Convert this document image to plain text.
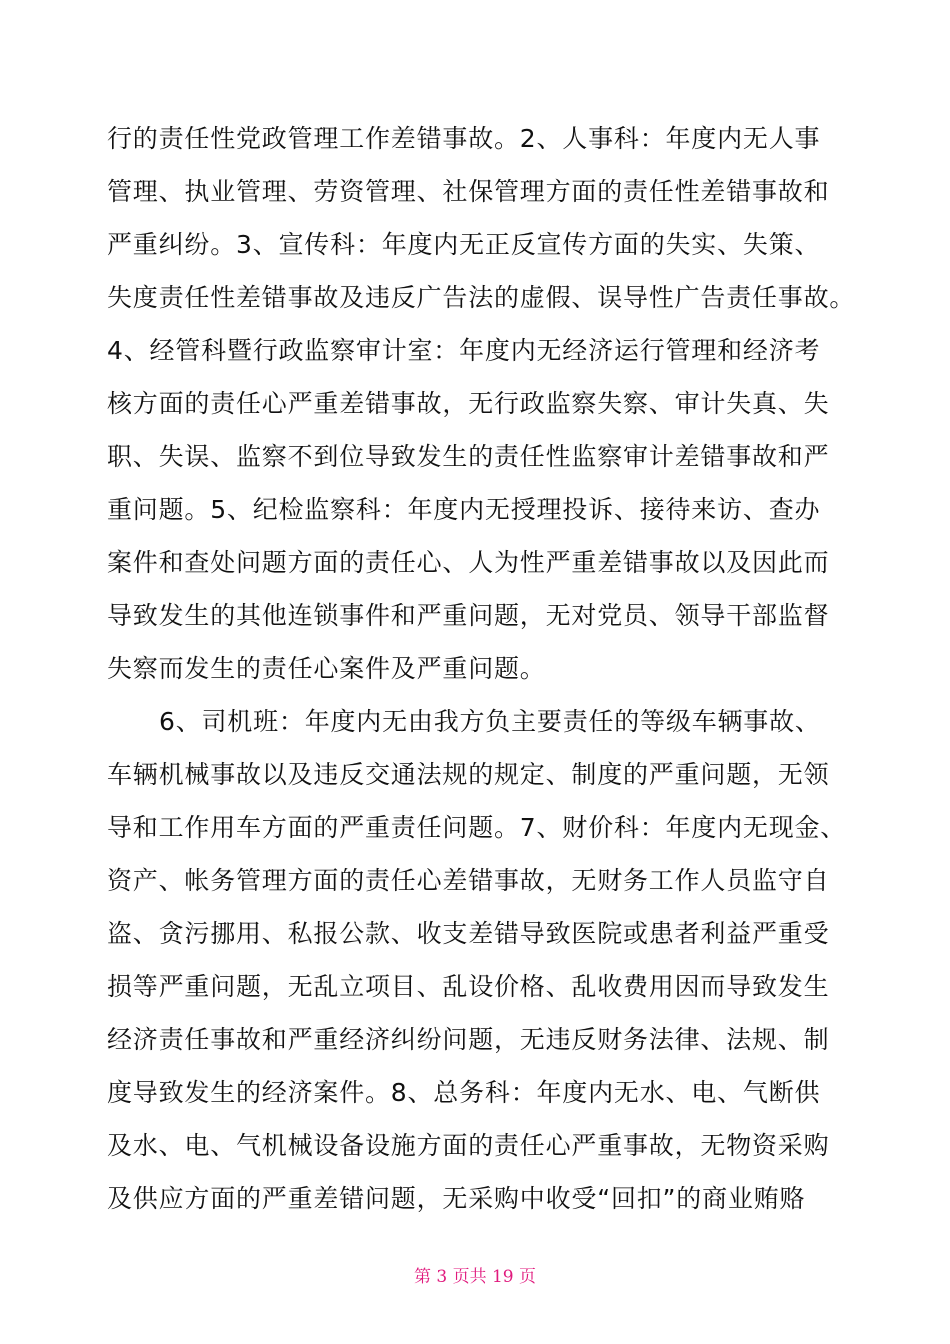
行的责任性党政管理工作差错事故。2、人事科：年度内无人事
管理、执业管理、劳资管理、社保管理方面的责任性差错事故和
严重纠纷。3、宣传科：年度内无正反宣传方面的失实、失策、
失度责任性差错事故及违反广告法的虚假、误导性广告责任事故。
4、经管科暨行政监察审计室：年度内无经济运行管理和经济考
核方面的责任心严重差错事故，无行政监察失察、审计失真、失
职、失误、监察不到位导致发生的责任性监察审计差错事故和严
重问题。5、纪检监察科：年度内无授理投诉、接待来访、查办
案件和查处问题方面的责任心、人为性严重差错事故以及因此而
导致发生的其他连锁事件和严重问题，无对党员、领导干部监督
失察而发生的责任心案件及严重问题。
6、司机班：年度内无由我方负主要责任的等级车辆事故、
车辆机械事故以及违反交通法规的规定、制度的严重问题，无领
导和工作用车方面的严重责任问题。7、财价科：年度内无现金、
资产、帐务管理方面的责任心差错事故，无财务工作人员监守自
盗、贪污挪用、私报公款、收支差错导致医院或患者利益严重受
损等严重问题，无乱立项目、乱设价格、乱收费用因而导致发生
经济责任事故和严重经济纠纷问题，无违反财务法律、法规、制
度导致发生的经济案件。8、总务科：年度内无水、电、气断供
及水、电、气机械设备设施方面的责任心严重事故，无物资采购
及供应方面的严重差错问题，无采购中收受“回扣”的商业贿赂
第 3 页共 19 页
